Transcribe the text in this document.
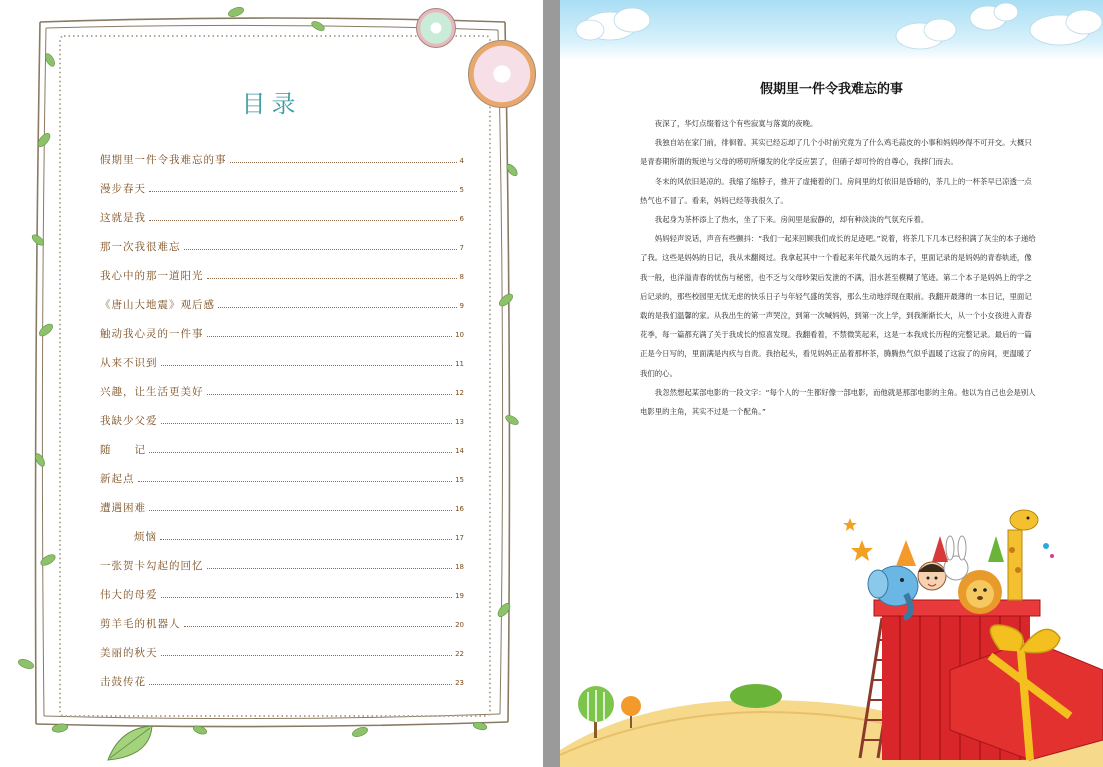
目录
假期里一件令我难忘的事	4
漫步春天	5
这就是我	6
那一次我很难忘	7
我心中的那一道阳光	8
《唐山大地震》观后感	9
触动我心灵的一件事	10
从来不识到	11
兴趣，让生活更美好	12
我缺少父爱	13
随　　记	14
新起点	15
遭遇困难	16
烦恼	17
一张贺卡勾起的回忆	18
伟大的母爱	19
剪羊毛的机器人	20
美丽的秋天	22
击鼓传花	23
假期里一件令我难忘的事

夜深了，华灯点缀着这个有些寂寞与落寞的夜晚。

我独自站在家门前，徘徊着。其实已经忘却了几个小时前究竟为了什么鸡毛蒜皮的小事和妈妈吵得不可开交。大概只是青春期所谓的叛逆与父母的唠叨所爆发的化学反应罢了，但硝子却可怜的自尊心，我摔门而去。

冬末的风依旧是凉的。我缩了缩脖子，推开了虚掩着的门。房间里的灯依旧是昏暗的，茶几上的一杯茶早已凉透一点热气也不冒了。看来，妈妈已经等我很久了。

我起身为茶杯添上了热水，坐了下来。房间里是寂静的，却有种淡淡的气氛充斥着。

妈妈轻声说话，声音有些颤抖：“我们一起来回顾我们成长的足迹吧。”说着，将茶几下几本已经积满了灰尘的本子递给了我。这些是妈妈的日记，我从未翻阅过。我拿起其中一个看起来年代最久远的本子，里面记录的是妈妈的青春轨迹，像我一般，也洋溢青春的忧伤与秘密，也不乏与父母吵架后发泄的不满，泪水甚至模糊了笔迹。第二个本子是妈妈上的学之后记录的，那些校园里无忧无虑的快乐日子与年轻气盛的笑容，那么生动地浮现在眼前。我翻开最薄的一本日记，里面记载的是我们温馨的家。从我出生的第一声哭泣，到第一次喊妈妈，到第一次上学，到我渐渐长大，从一个小女孩进入青春花季，每一篇都充满了关于我成长的惊喜发现。我翻看着，不禁微笑起来，这是一本我成长历程的完整记录。最后的一篇正是今日写的，里面满是内疚与自责。我抬起头，看见妈妈正品着那杯茶，腾腾热气似乎温暖了这寂了的房间，更温暖了我们的心。

我忽然想起某部电影的一段文字：“每个人的一生都好像一部电影，而他就是那部电影的主角。他以为自己也会是别人电影里的主角，其实不过是一个配角。”
